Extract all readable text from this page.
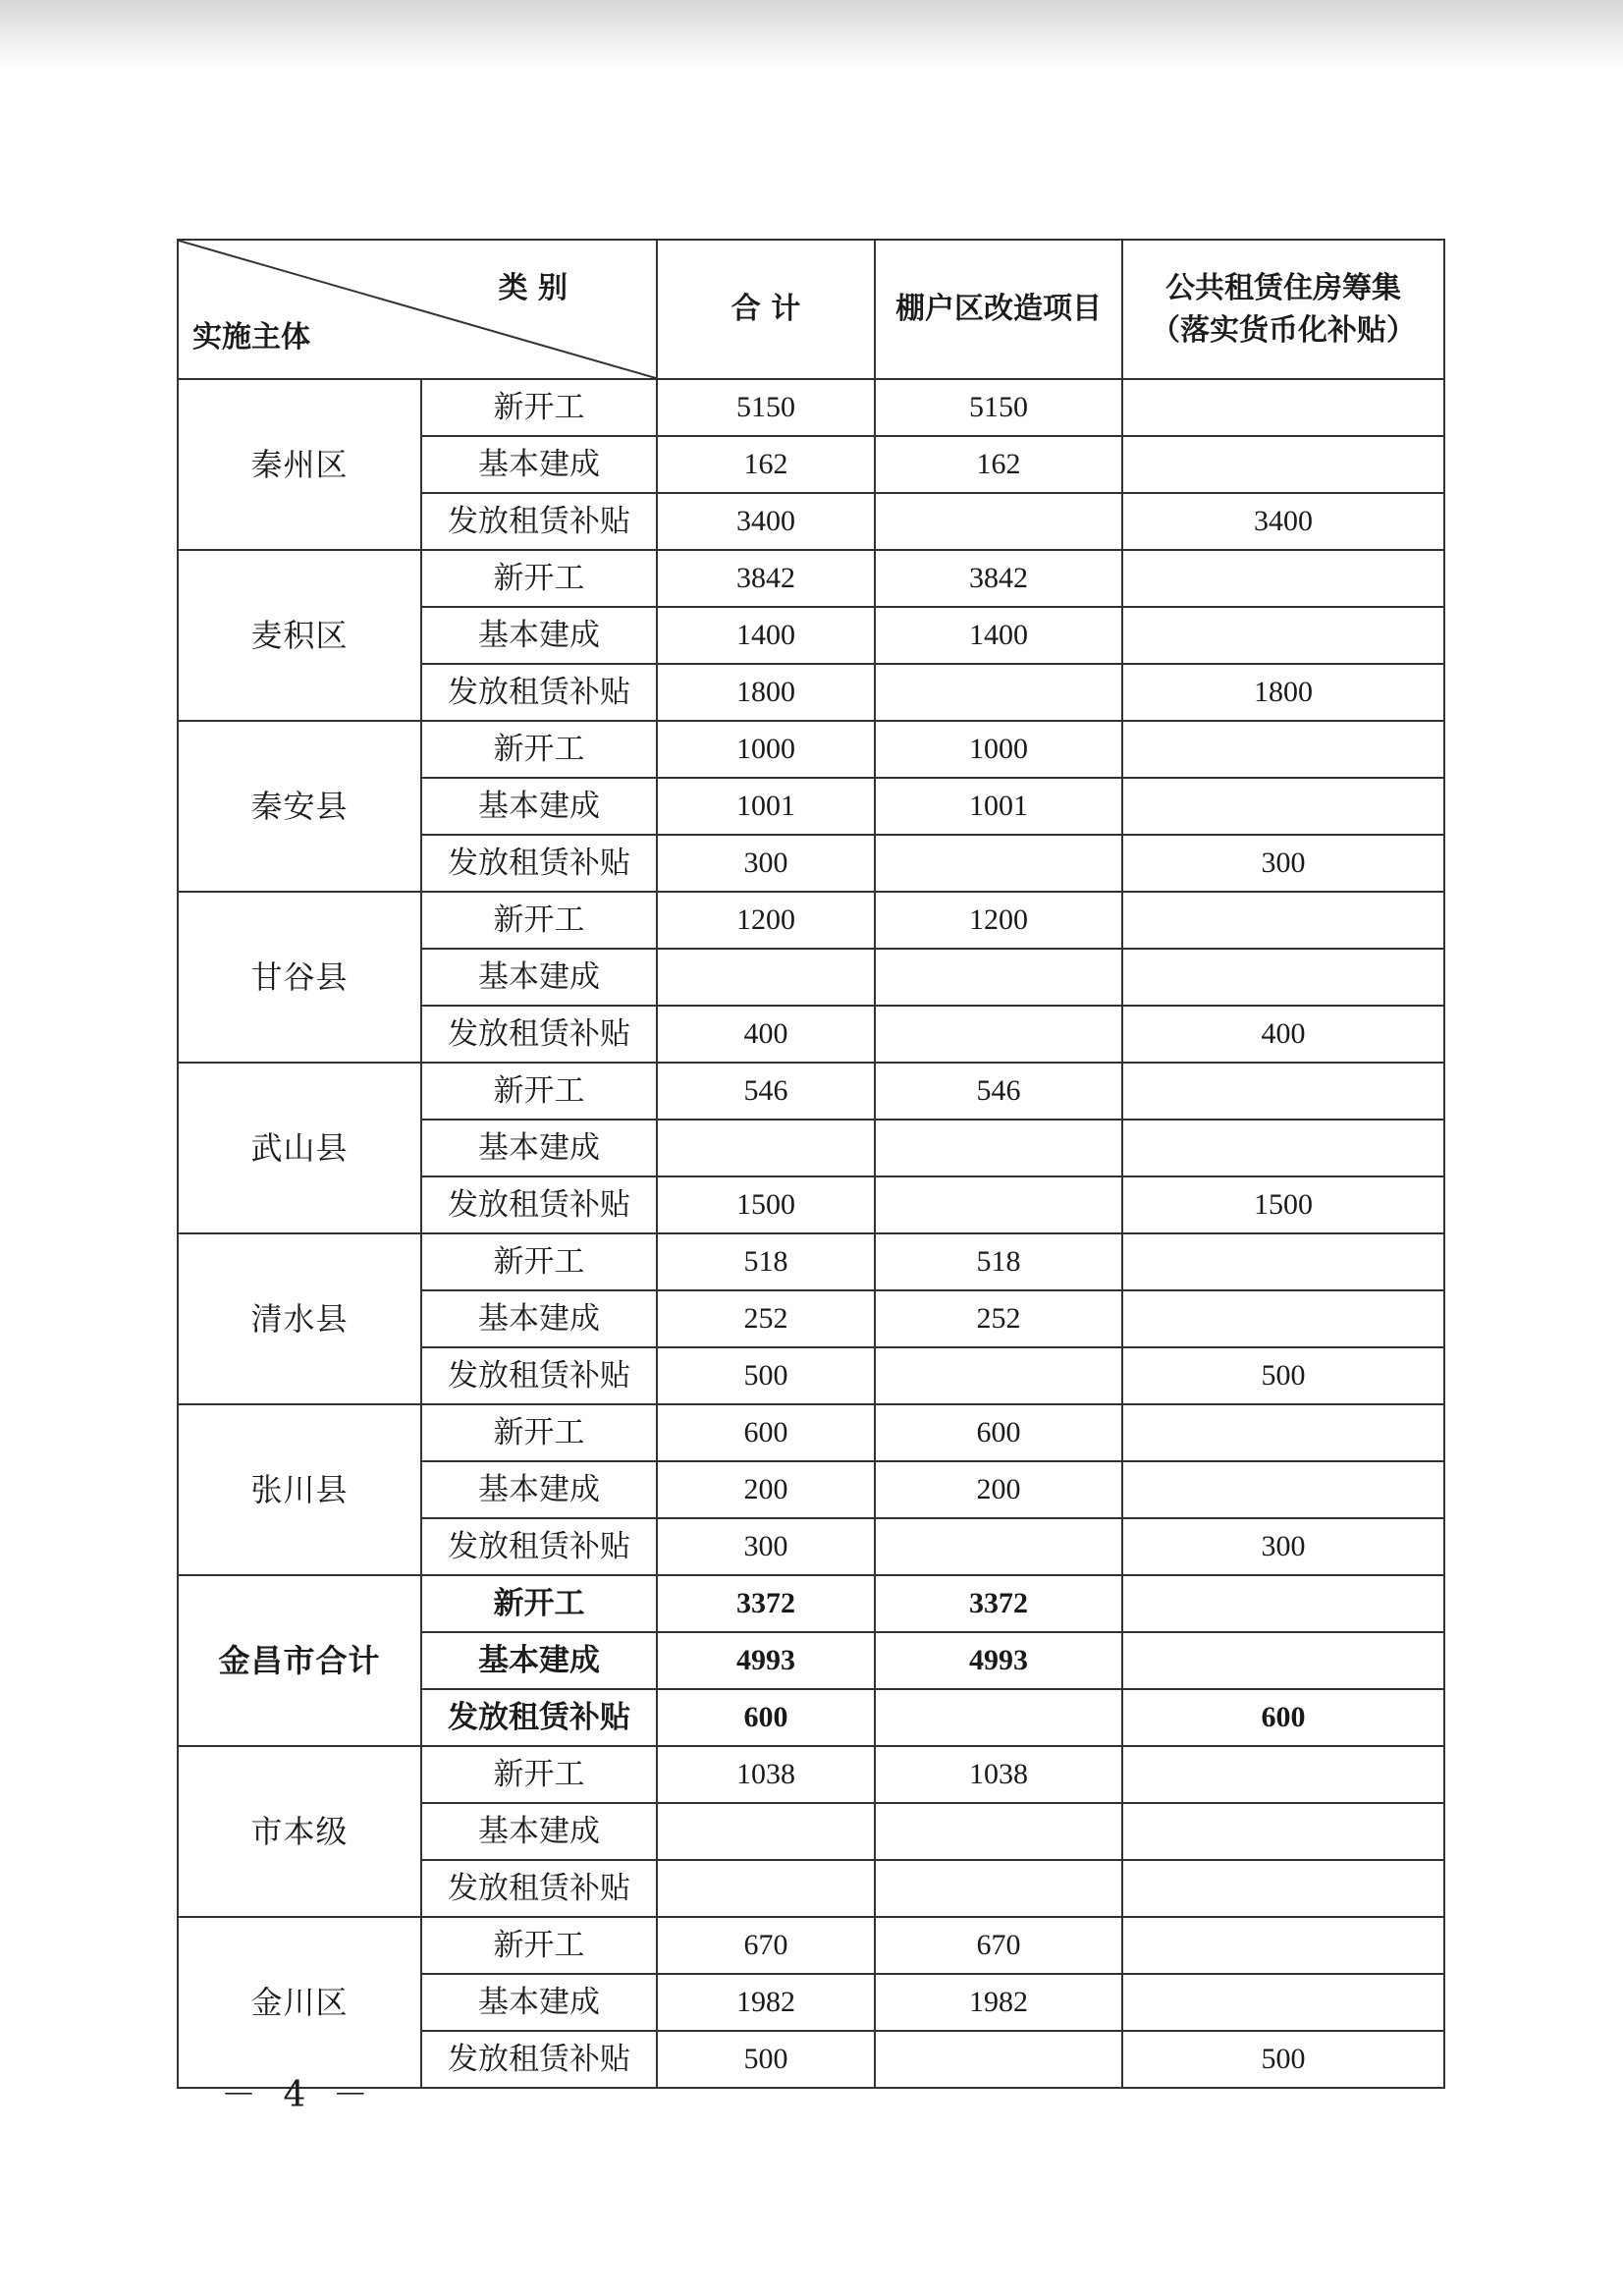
类 别
实施主体		合 计	棚户区改造项目	公共租赁住房筹集
（落实货币化补贴）

秦州区	新开工	5150	5150	
	基本建成	162	162	
	发放租赁补贴	3400		3400
麦积区	新开工	3842	3842	
	基本建成	1400	1400	
	发放租赁补贴	1800		1800
秦安县	新开工	1000	1000	
	基本建成	1001	1001	
	发放租赁补贴	300		300
甘谷县	新开工	1200	1200	
	基本建成			
	发放租赁补贴	400		400
武山县	新开工	546	546	
	基本建成			
	发放租赁补贴	1500		1500
清水县	新开工	518	518	
	基本建成	252	252	
	发放租赁补贴	500		500
张川县	新开工	600	600	
	基本建成	200	200	
	发放租赁补贴	300		300
金昌市合计	新开工	3372	3372	
	基本建成	4993	4993	
	发放租赁补贴	600		600
市本级	新开工	1038	1038	
	基本建成			
	发放租赁补贴			
金川区	新开工	670	670	
	基本建成	1982	1982	
	发放租赁补贴	500		500
－ 4 －
